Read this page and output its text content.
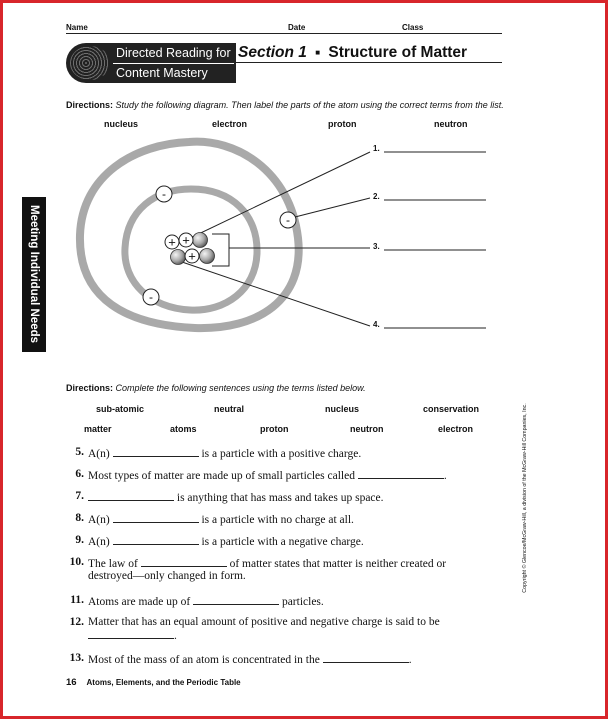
Name	Date	Class
Directed Reading for
Content Mastery
Section 1 ■ Structure of Matter
Meeting Individual Needs
Directions: Study the following diagram. Then label the parts of the atom using the correct terms from the list.
nucleus	electron	proton	neutron
+ +
+
-
-
-
1.
2.
3.
4.
Directions: Complete the following sentences using the terms listed below.
sub-atomic	neutral	nucleus	conservation
matter	atoms	proton	neutron	electron
5. A(n)	is a particle with a positive charge.
6. Most types of matter are made up of small particles called	.
7.	is anything that has mass and takes up space.
8. A(n)	is a particle with no charge at all.
9. A(n)	is a particle with a negative charge.
10. The law of	of matter states that matter is neither created or
destroyed—only changed in form.
11. Atoms are made up of	particles.
12. Matter that has an equal amount of positive and negative charge is said to be
.
13. Most of the mass of an atom is concentrated in the	.
Copyright © Glencoe/McGraw-Hill, a division of the McGraw-Hill Companies, Inc.
16 Atoms, Elements, and the Periodic Table
